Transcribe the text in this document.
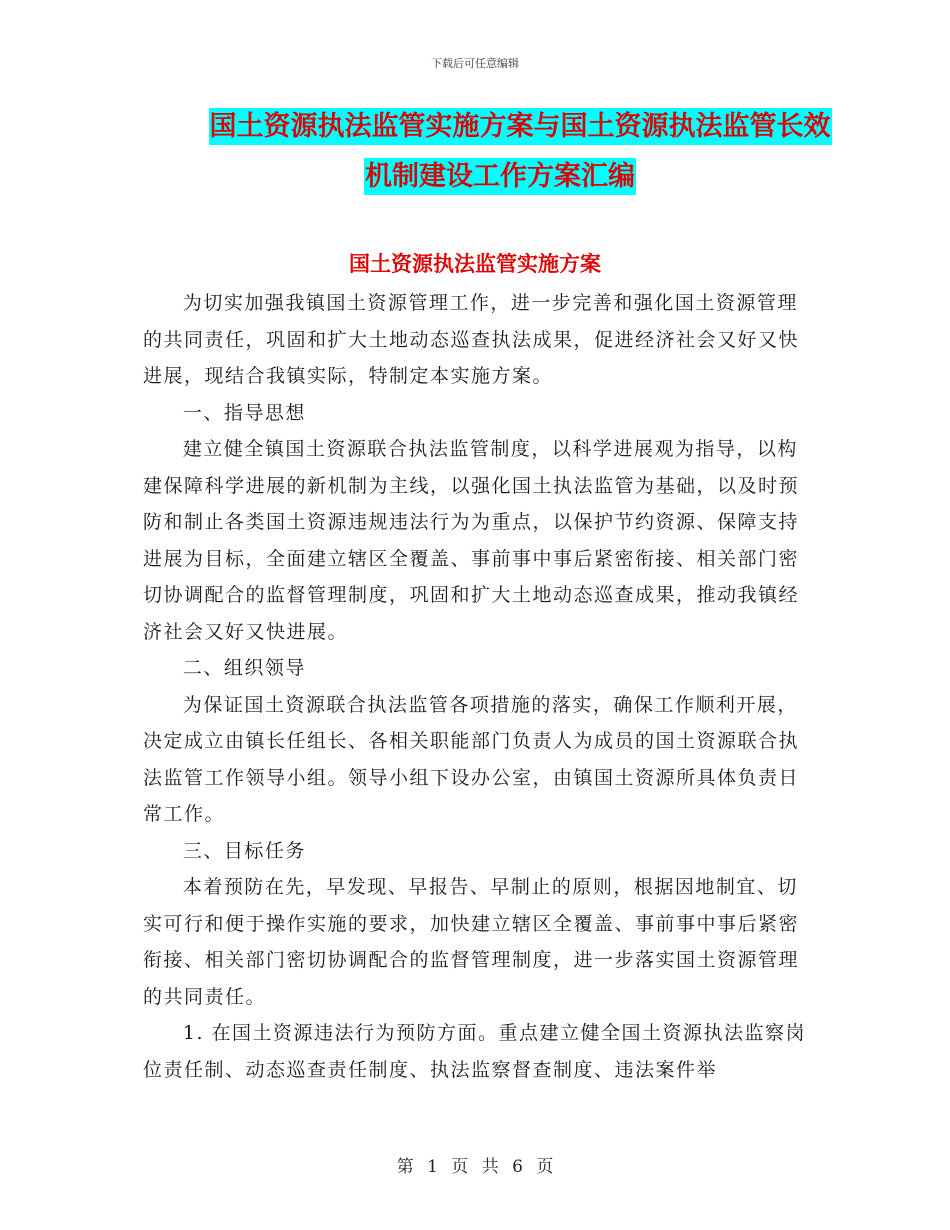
下载后可任意编辑
国土资源执法监管实施方案与国土资源执法监管长效
机制建设工作方案汇编
国土资源执法监管实施方案

为切实加强我镇国土资源管理工作，进一步完善和强化国土资源管理的共同责任，巩固和扩大土地动态巡查执法成果，促进经济社会又好又快进展，现结合我镇实际，特制定本实施方案。

一、指导思想

建立健全镇国土资源联合执法监管制度，以科学进展观为指导，以构建保障科学进展的新机制为主线，以强化国土执法监管为基础，以及时预防和制止各类国土资源违规违法行为为重点，以保护节约资源、保障支持进展为目标，全面建立辖区全覆盖、事前事中事后紧密衔接、相关部门密切协调配合的监督管理制度，巩固和扩大土地动态巡查成果，推动我镇经济社会又好又快进展。

二、组织领导

为保证国土资源联合执法监管各项措施的落实，确保工作顺利开展，决定成立由镇长任组长、各相关职能部门负责人为成员的国土资源联合执法监管工作领导小组。领导小组下设办公室，由镇国土资源所具体负责日常工作。

三、目标任务

本着预防在先，早发现、早报告、早制止的原则，根据因地制宜、切实可行和便于操作实施的要求，加快建立辖区全覆盖、事前事中事后紧密衔接、相关部门密切协调配合的监督管理制度，进一步落实国土资源管理的共同责任。

1. 在国土资源违法行为预防方面。重点建立健全国土资源执法监察岗位责任制、动态巡查责任制度、执法监察督查制度、违法案件举

第 1 页 共 6 页
